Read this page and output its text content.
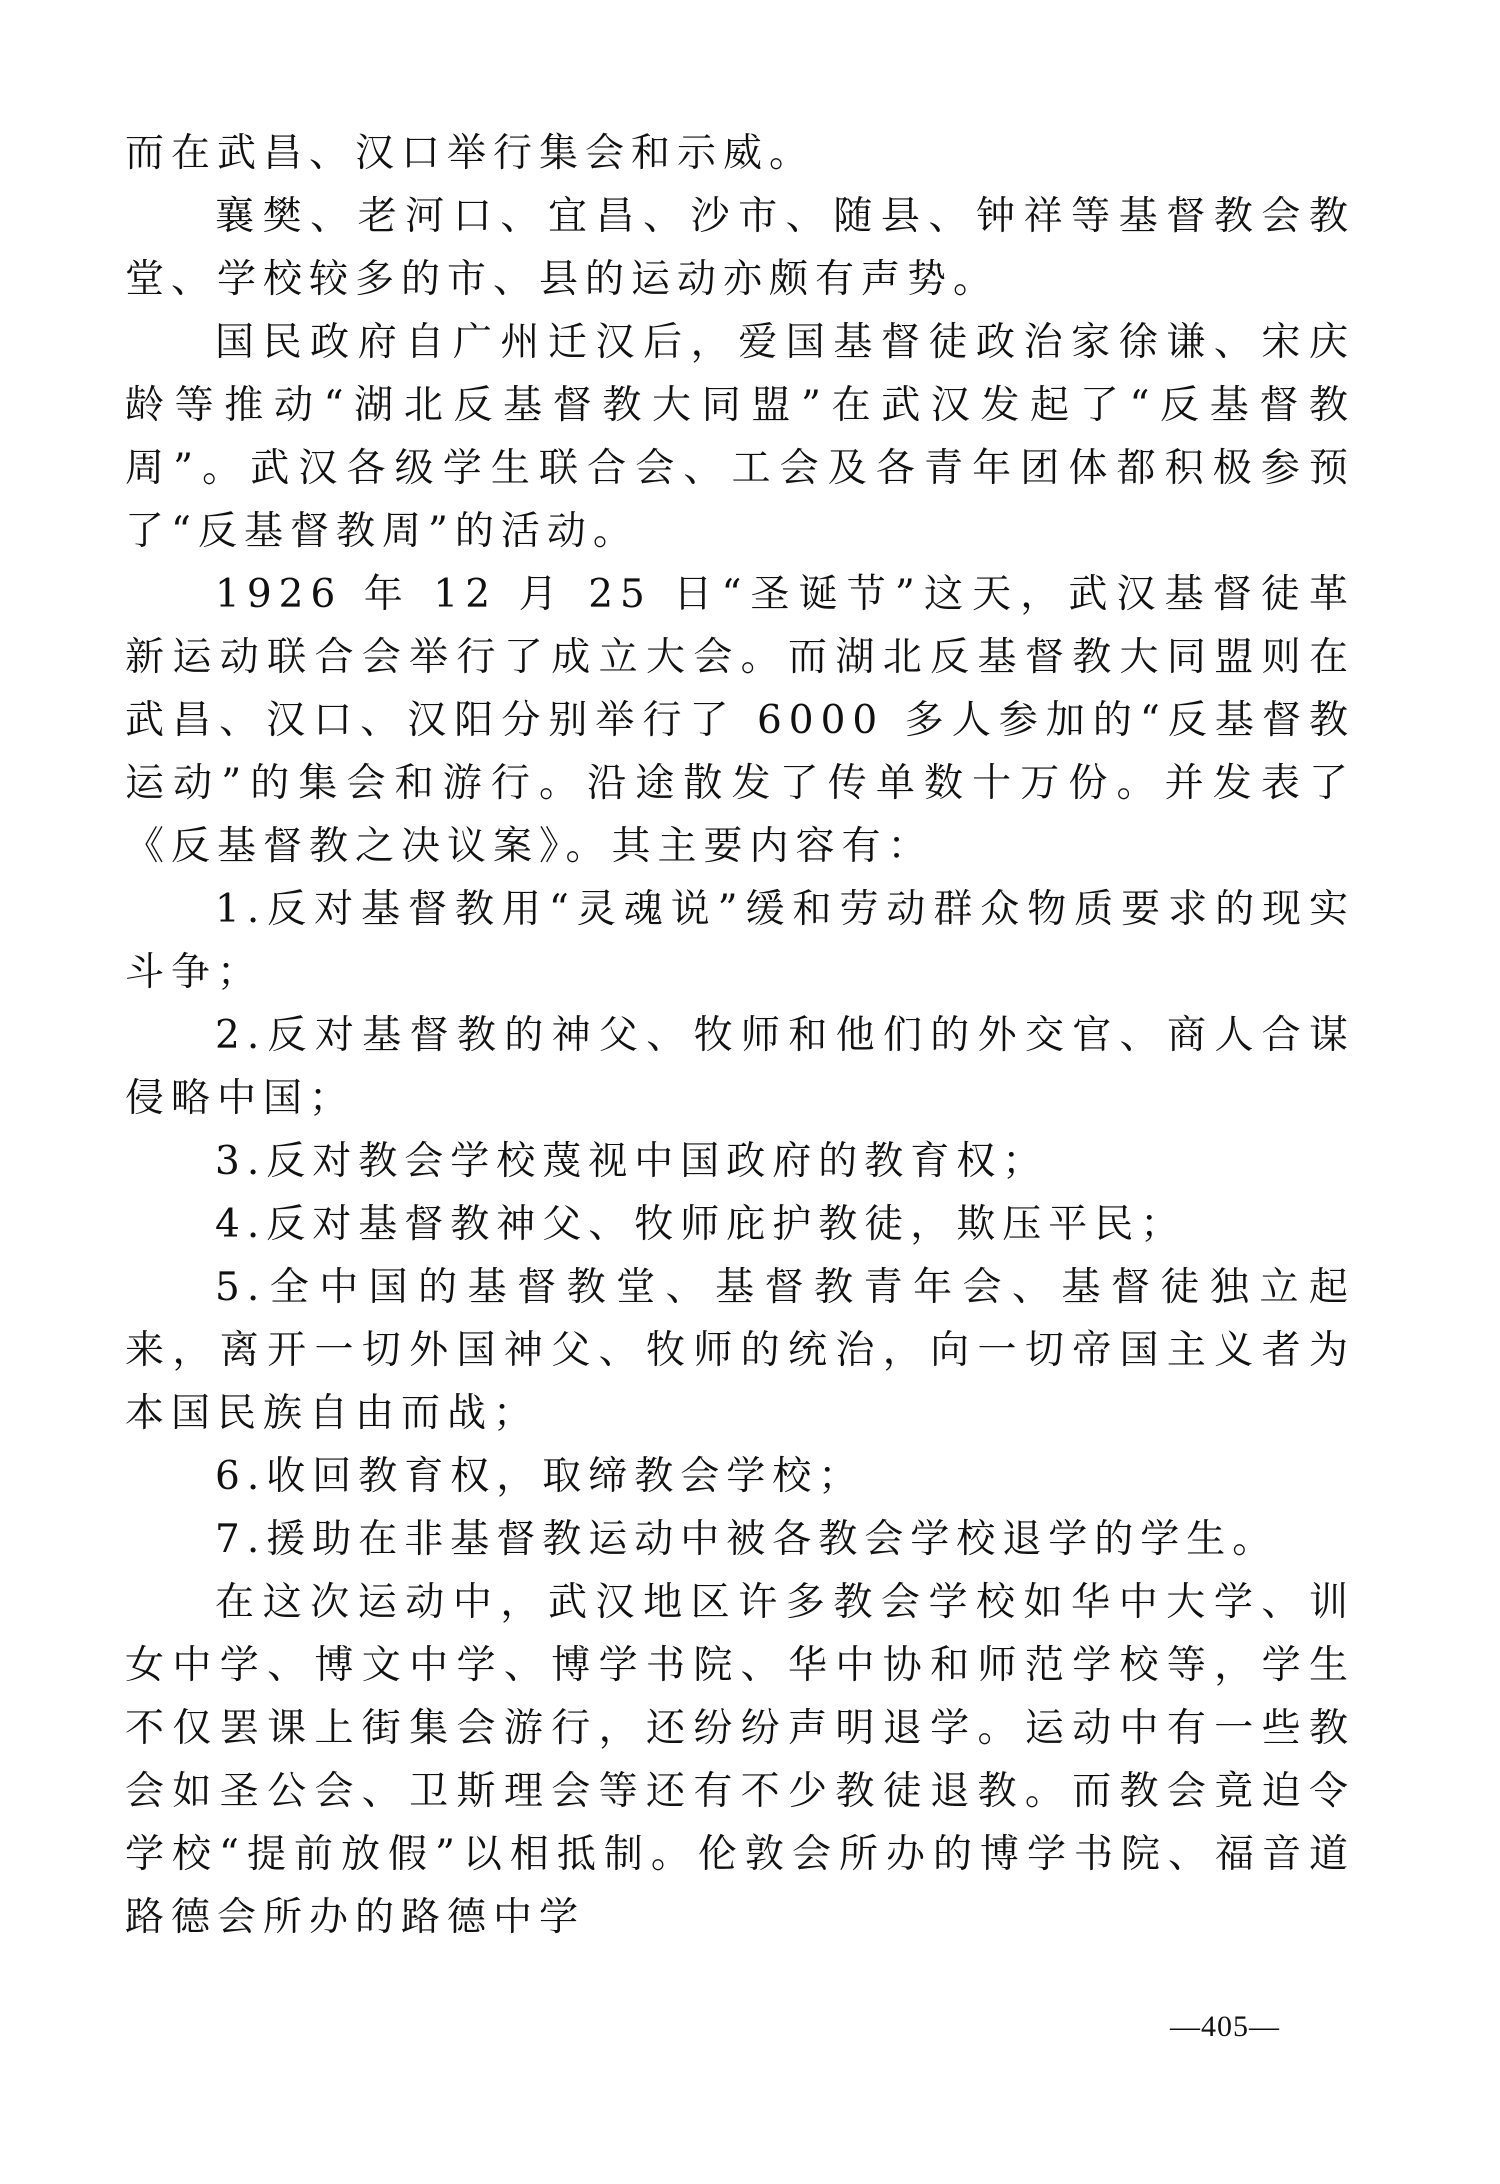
而在武昌、汉口举行集会和示威。

襄樊、老河口、宜昌、沙市、随县、钟祥等基督教会教堂、学校较多的市、县的运动亦颇有声势。

国民政府自广州迁汉后，爱国基督徒政治家徐谦、宋庆龄等推动“湖北反基督教大同盟”在武汉发起了“反基督教周”。武汉各级学生联合会、工会及各青年团体都积极参预了“反基督教周”的活动。

1926 年 12 月 25 日“圣诞节”这天，武汉基督徒革新运动联合会举行了成立大会。而湖北反基督教大同盟则在武昌、汉口、汉阳分别举行了 6000 多人参加的“反基督教运动”的集会和游行。沿途散发了传单数十万份。并发表了《反基督教之决议案》。其主要内容有：

1.反对基督教用“灵魂说”缓和劳动群众物质要求的现实斗争；

2.反对基督教的神父、牧师和他们的外交官、商人合谋侵略中国；

3.反对教会学校蔑视中国政府的教育权；

4.反对基督教神父、牧师庇护教徒，欺压平民；

5.全中国的基督教堂、基督教青年会、基督徒独立起来，离开一切外国神父、牧师的统治，向一切帝国主义者为本国民族自由而战；

6.收回教育权，取缔教会学校；

7.援助在非基督教运动中被各教会学校退学的学生。

在这次运动中，武汉地区许多教会学校如华中大学、训女中学、博文中学、博学书院、华中协和师范学校等，学生不仅罢课上街集会游行，还纷纷声明退学。运动中有一些教会如圣公会、卫斯理会等还有不少教徒退教。而教会竟迫令学校“提前放假”以相抵制。伦敦会所办的博学书院、福音道路德会所办的路德中学

—405—
